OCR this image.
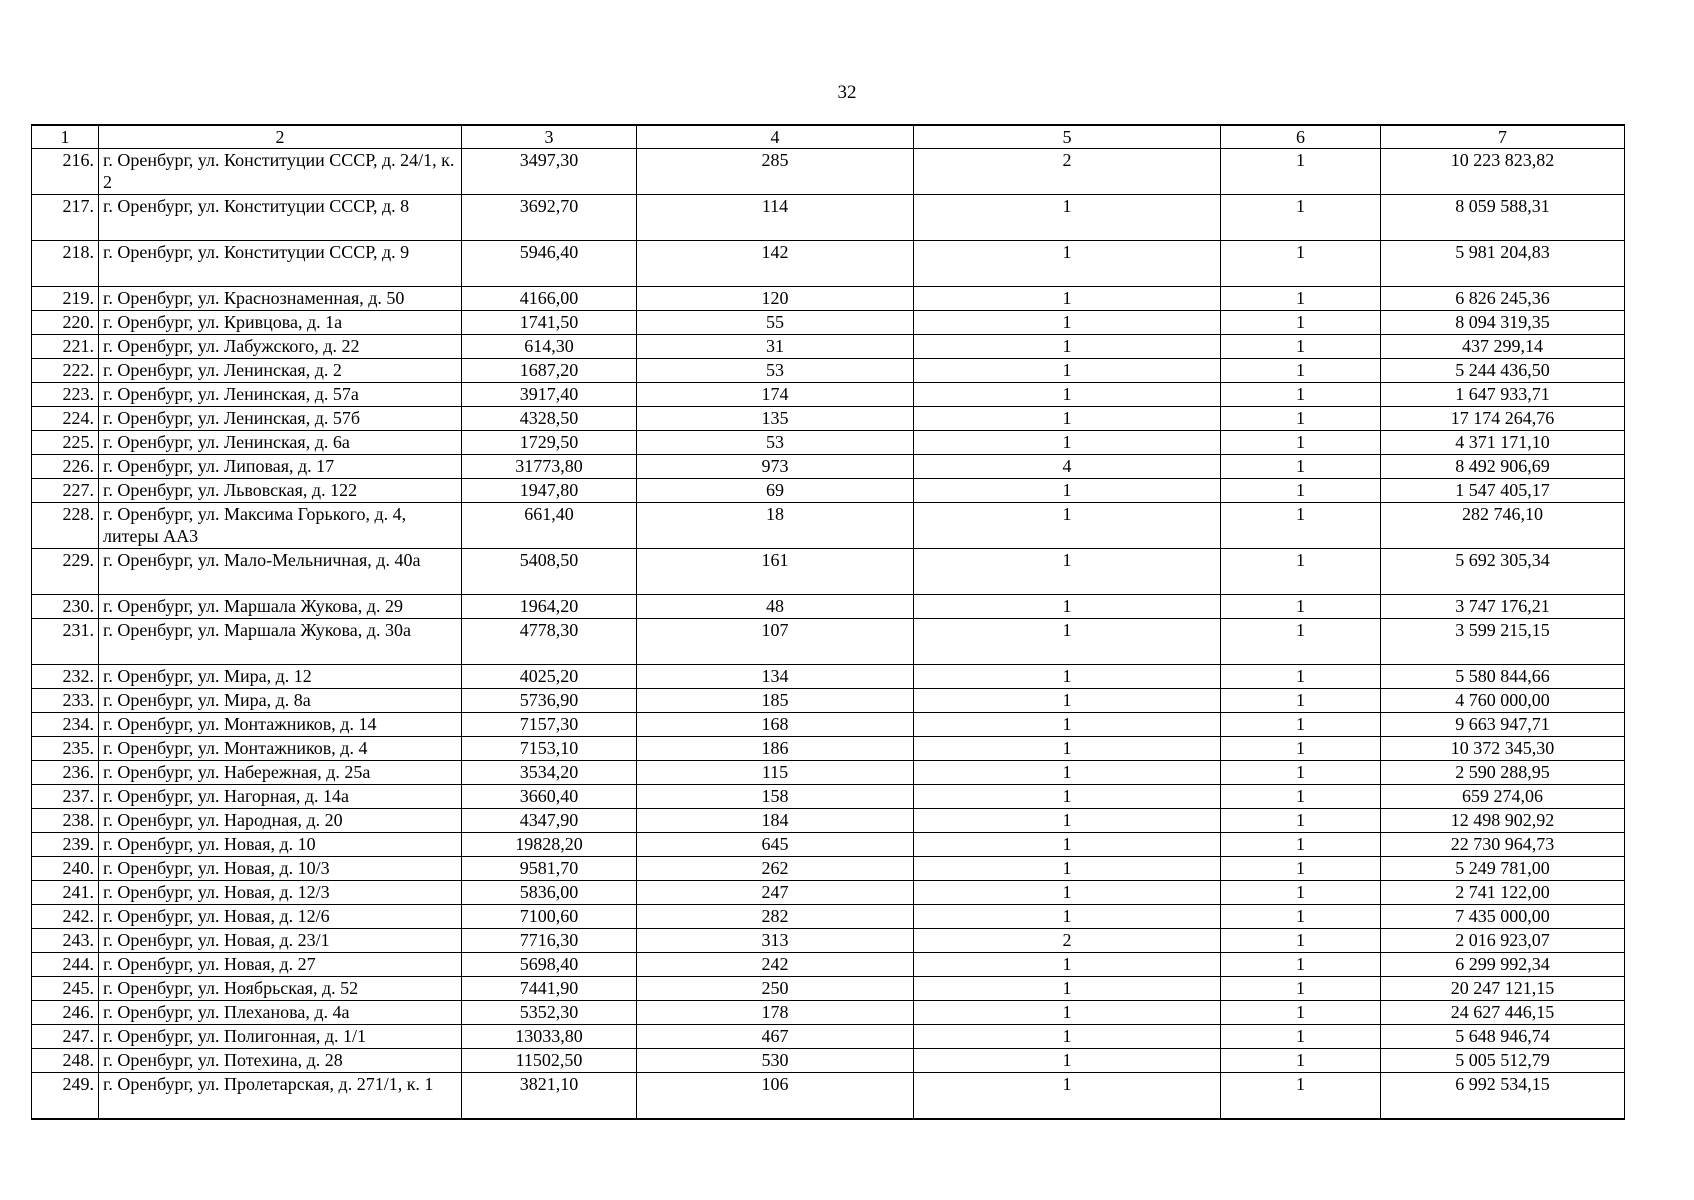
32
1	2	3	4	5	6	7
216.	г. Оренбург, ул. Конституции СССР, д. 24/1, к. 2	3497,30	285	2	1	10 223 823,82
217.	г. Оренбург, ул. Конституции СССР, д. 8	3692,70	114	1	1	8 059 588,31
218.	г. Оренбург, ул. Конституции СССР, д. 9	5946,40	142	1	1	5 981 204,83
219.	г. Оренбург, ул. Краснознаменная, д. 50	4166,00	120	1	1	6 826 245,36
220.	г. Оренбург, ул. Кривцова, д. 1а	1741,50	55	1	1	8 094 319,35
221.	г. Оренбург, ул. Лабужского, д. 22	614,30	31	1	1	437 299,14
222.	г. Оренбург, ул. Ленинская, д. 2	1687,20	53	1	1	5 244 436,50
223.	г. Оренбург, ул. Ленинская, д. 57а	3917,40	174	1	1	1 647 933,71
224.	г. Оренбург, ул. Ленинская, д. 57б	4328,50	135	1	1	17 174 264,76
225.	г. Оренбург, ул. Ленинская, д. 6а	1729,50	53	1	1	4 371 171,10
226.	г. Оренбург, ул. Липовая, д. 17	31773,80	973	4	1	8 492 906,69
227.	г. Оренбург, ул. Львовская, д. 122	1947,80	69	1	1	1 547 405,17
228.	г. Оренбург, ул. Максима Горького, д. 4, литеры АА3	661,40	18	1	1	282 746,10
229.	г. Оренбург, ул. Мало-Мельничная, д. 40а	5408,50	161	1	1	5 692 305,34
230.	г. Оренбург, ул. Маршала Жукова, д. 29	1964,20	48	1	1	3 747 176,21
231.	г. Оренбург, ул. Маршала Жукова, д. 30а	4778,30	107	1	1	3 599 215,15
232.	г. Оренбург, ул. Мира, д. 12	4025,20	134	1	1	5 580 844,66
233.	г. Оренбург, ул. Мира, д. 8а	5736,90	185	1	1	4 760 000,00
234.	г. Оренбург, ул. Монтажников, д. 14	7157,30	168	1	1	9 663 947,71
235.	г. Оренбург, ул. Монтажников, д. 4	7153,10	186	1	1	10 372 345,30
236.	г. Оренбург, ул. Набережная, д. 25а	3534,20	115	1	1	2 590 288,95
237.	г. Оренбург, ул. Нагорная, д. 14а	3660,40	158	1	1	659 274,06
238.	г. Оренбург, ул. Народная, д. 20	4347,90	184	1	1	12 498 902,92
239.	г. Оренбург, ул. Новая, д. 10	19828,20	645	1	1	22 730 964,73
240.	г. Оренбург, ул. Новая, д. 10/3	9581,70	262	1	1	5 249 781,00
241.	г. Оренбург, ул. Новая, д. 12/3	5836,00	247	1	1	2 741 122,00
242.	г. Оренбург, ул. Новая, д. 12/6	7100,60	282	1	1	7 435 000,00
243.	г. Оренбург, ул. Новая, д. 23/1	7716,30	313	2	1	2 016 923,07
244.	г. Оренбург, ул. Новая, д. 27	5698,40	242	1	1	6 299 992,34
245.	г. Оренбург, ул. Ноябрьская, д. 52	7441,90	250	1	1	20 247 121,15
246.	г. Оренбург, ул. Плеханова, д. 4а	5352,30	178	1	1	24 627 446,15
247.	г. Оренбург, ул. Полигонная, д. 1/1	13033,80	467	1	1	5 648 946,74
248.	г. Оренбург, ул. Потехина, д. 28	11502,50	530	1	1	5 005 512,79
249.	г. Оренбург, ул. Пролетарская, д. 271/1, к. 1	3821,10	106	1	1	6 992 534,15
